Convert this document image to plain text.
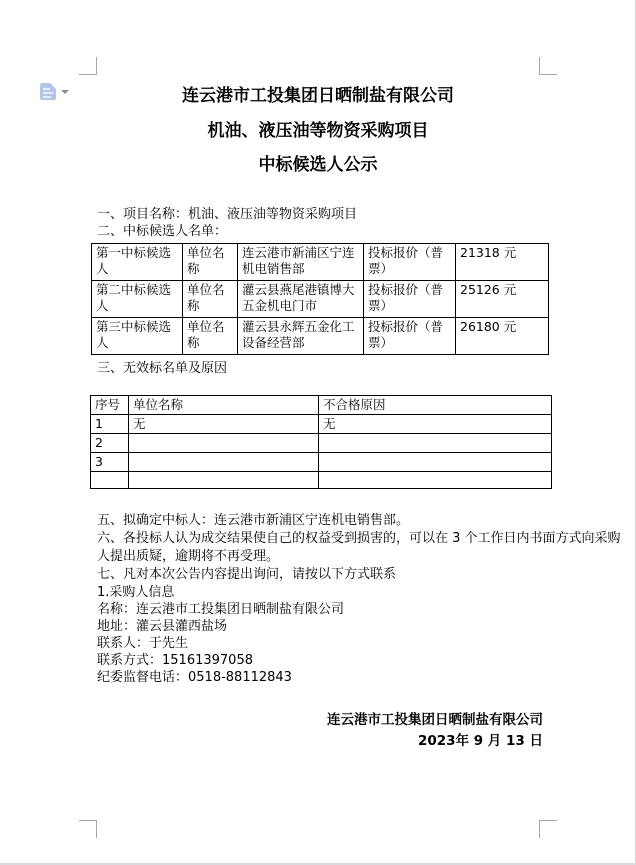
连云港市工投集团日晒制盐有限公司
机油、液压油等物资采购项目
中标候选人公示
一、项目名称：机油、液压油等物资采购项目
二、中标候选人名单：
第一中标候选人	单位名称	连云港市新浦区宁连机电销售部	投标报价（普票）	21318 元
第二中标候选人	单位名称	灌云县燕尾港镇博大五金机电门市	投标报价（普票）	25126 元
第三中标候选人	单位名称	灌云县永辉五金化工设备经营部	投标报价（普票）	26180 元
三、无效标名单及原因
序号	单位名称	不合格原因
1	无	无
2		
3		

五、拟确定中标人：连云港市新浦区宁连机电销售部。
六、各投标人认为成交结果使自己的权益受到损害的，可以在 3 个工作日内书面方式向采购
人提出质疑，逾期将不再受理。
七、凡对本次公告内容提出询问，请按以下方式联系
1.采购人信息
名称：连云港市工投集团日晒制盐有限公司
地址：灌云县灌西盐场
联系人：于先生
联系方式：15161397058
纪委监督电话：0518-88112843
连云港市工投集团日晒制盐有限公司
2023年 9 月 13 日
